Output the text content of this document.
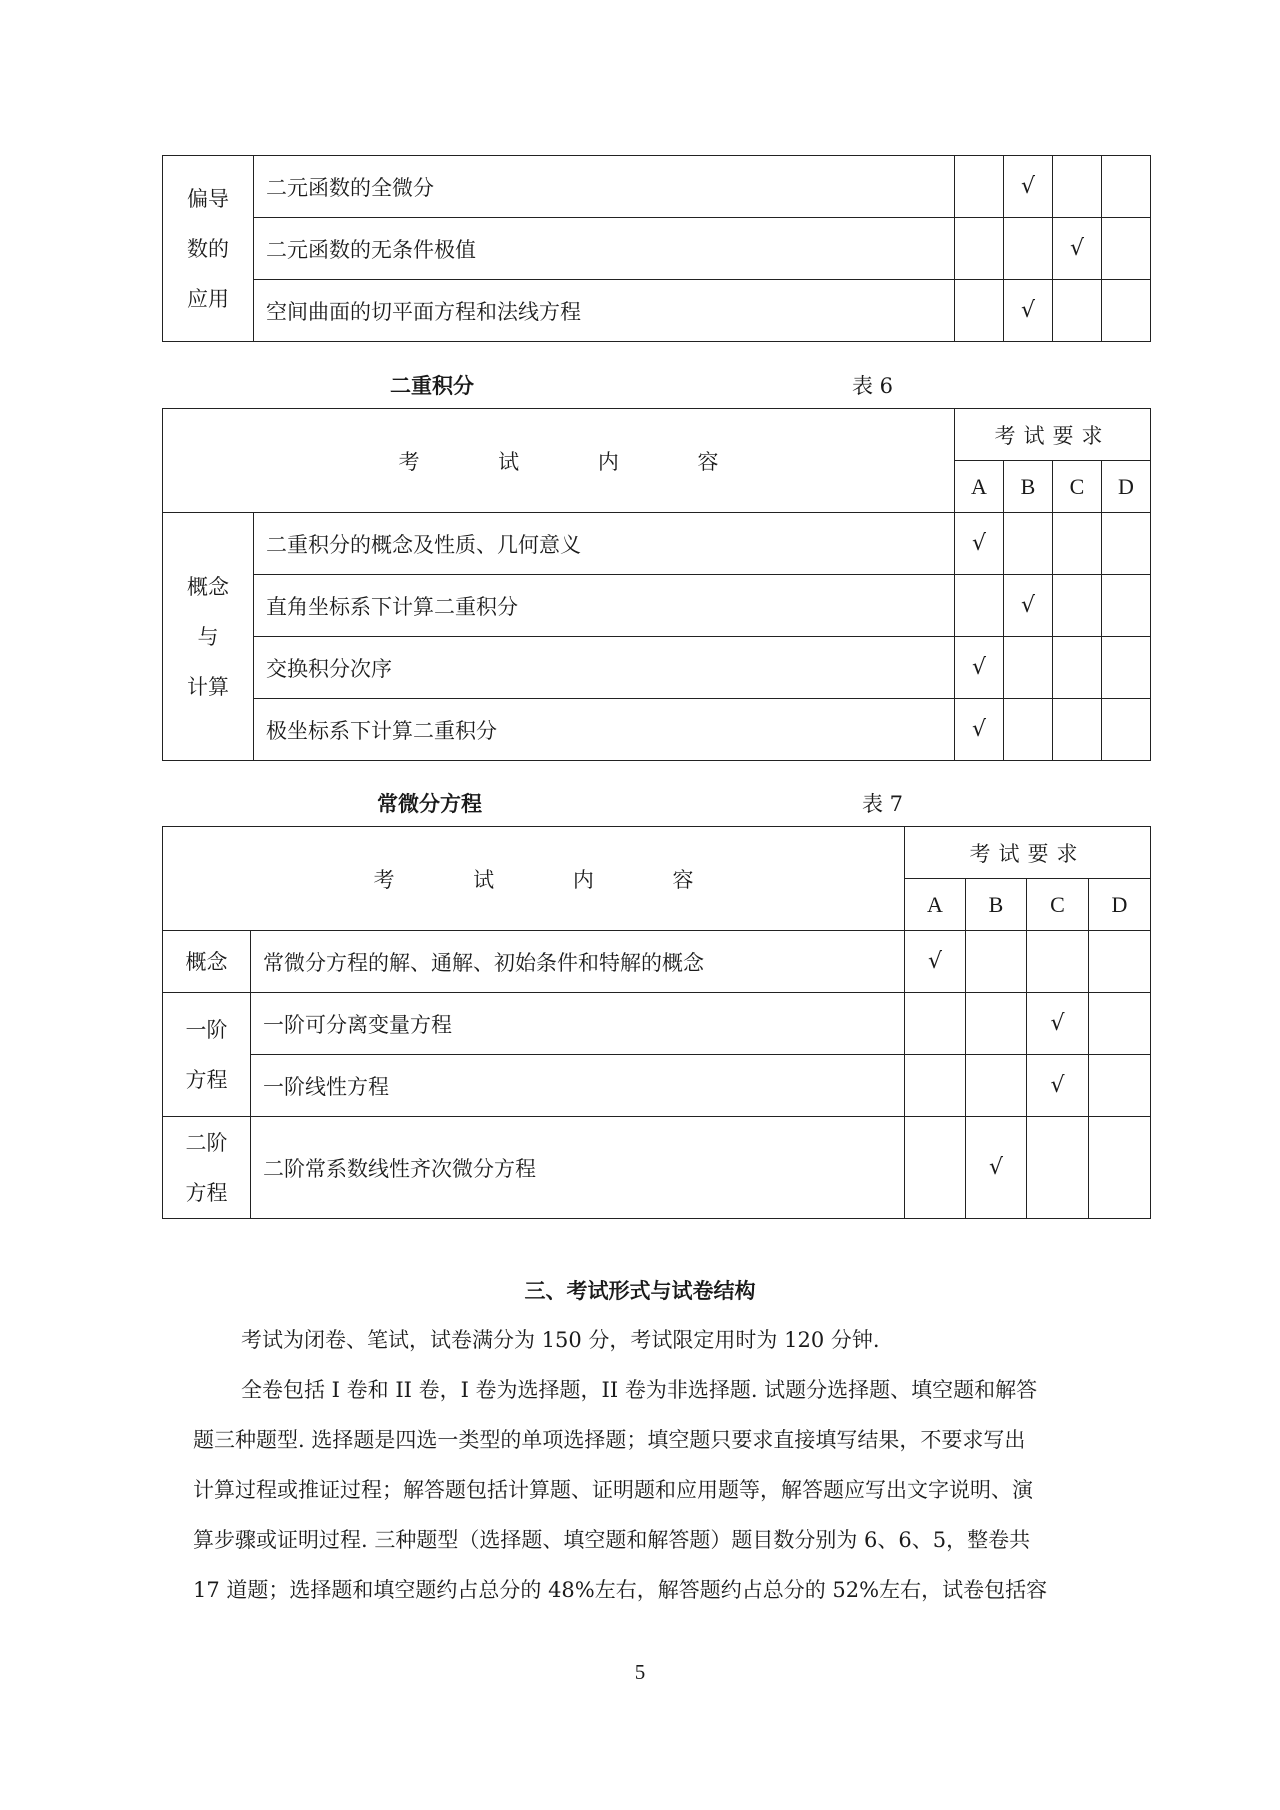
偏导
数的
应用	二元函数的全微分		√		
	二元函数的无条件极值			√	
	空间曲面的切平面方程和法线方程		√		
二重积分	表 6
考 试 内 容		考试要求			
		A	B	C	D

概念
与
计算	二重积分的概念及性质、几何意义	√			
	直角坐标系下计算二重积分		√		
	交换积分次序	√			
	极坐标系下计算二重积分	√			
常微分方程	表 7
考 试 内 容		考试要求			
		A	B	C	D

概念	常微分方程的解、通解、初始条件和特解的概念	√			

一阶
方程	一阶可分离变量方程			√	
	一阶线性方程			√	

二阶
方程	二阶常系数线性齐次微分方程		√		
三、考试形式与试卷结构
考试为闭卷、笔试，试卷满分为 150 分，考试限定用时为 120 分钟.
全卷包括 I 卷和 II 卷，I 卷为选择题，II 卷为非选择题. 试题分选择题、填空题和解答
题三种题型. 选择题是四选一类型的单项选择题；填空题只要求直接填写结果，不要求写出
计算过程或推证过程；解答题包括计算题、证明题和应用题等，解答题应写出文字说明、演
算步骤或证明过程. 三种题型（选择题、填空题和解答题）题目数分别为 6、6、5，整卷共
17 道题；选择题和填空题约占总分的 48%左右，解答题约占总分的 52%左右，试卷包括容
5
